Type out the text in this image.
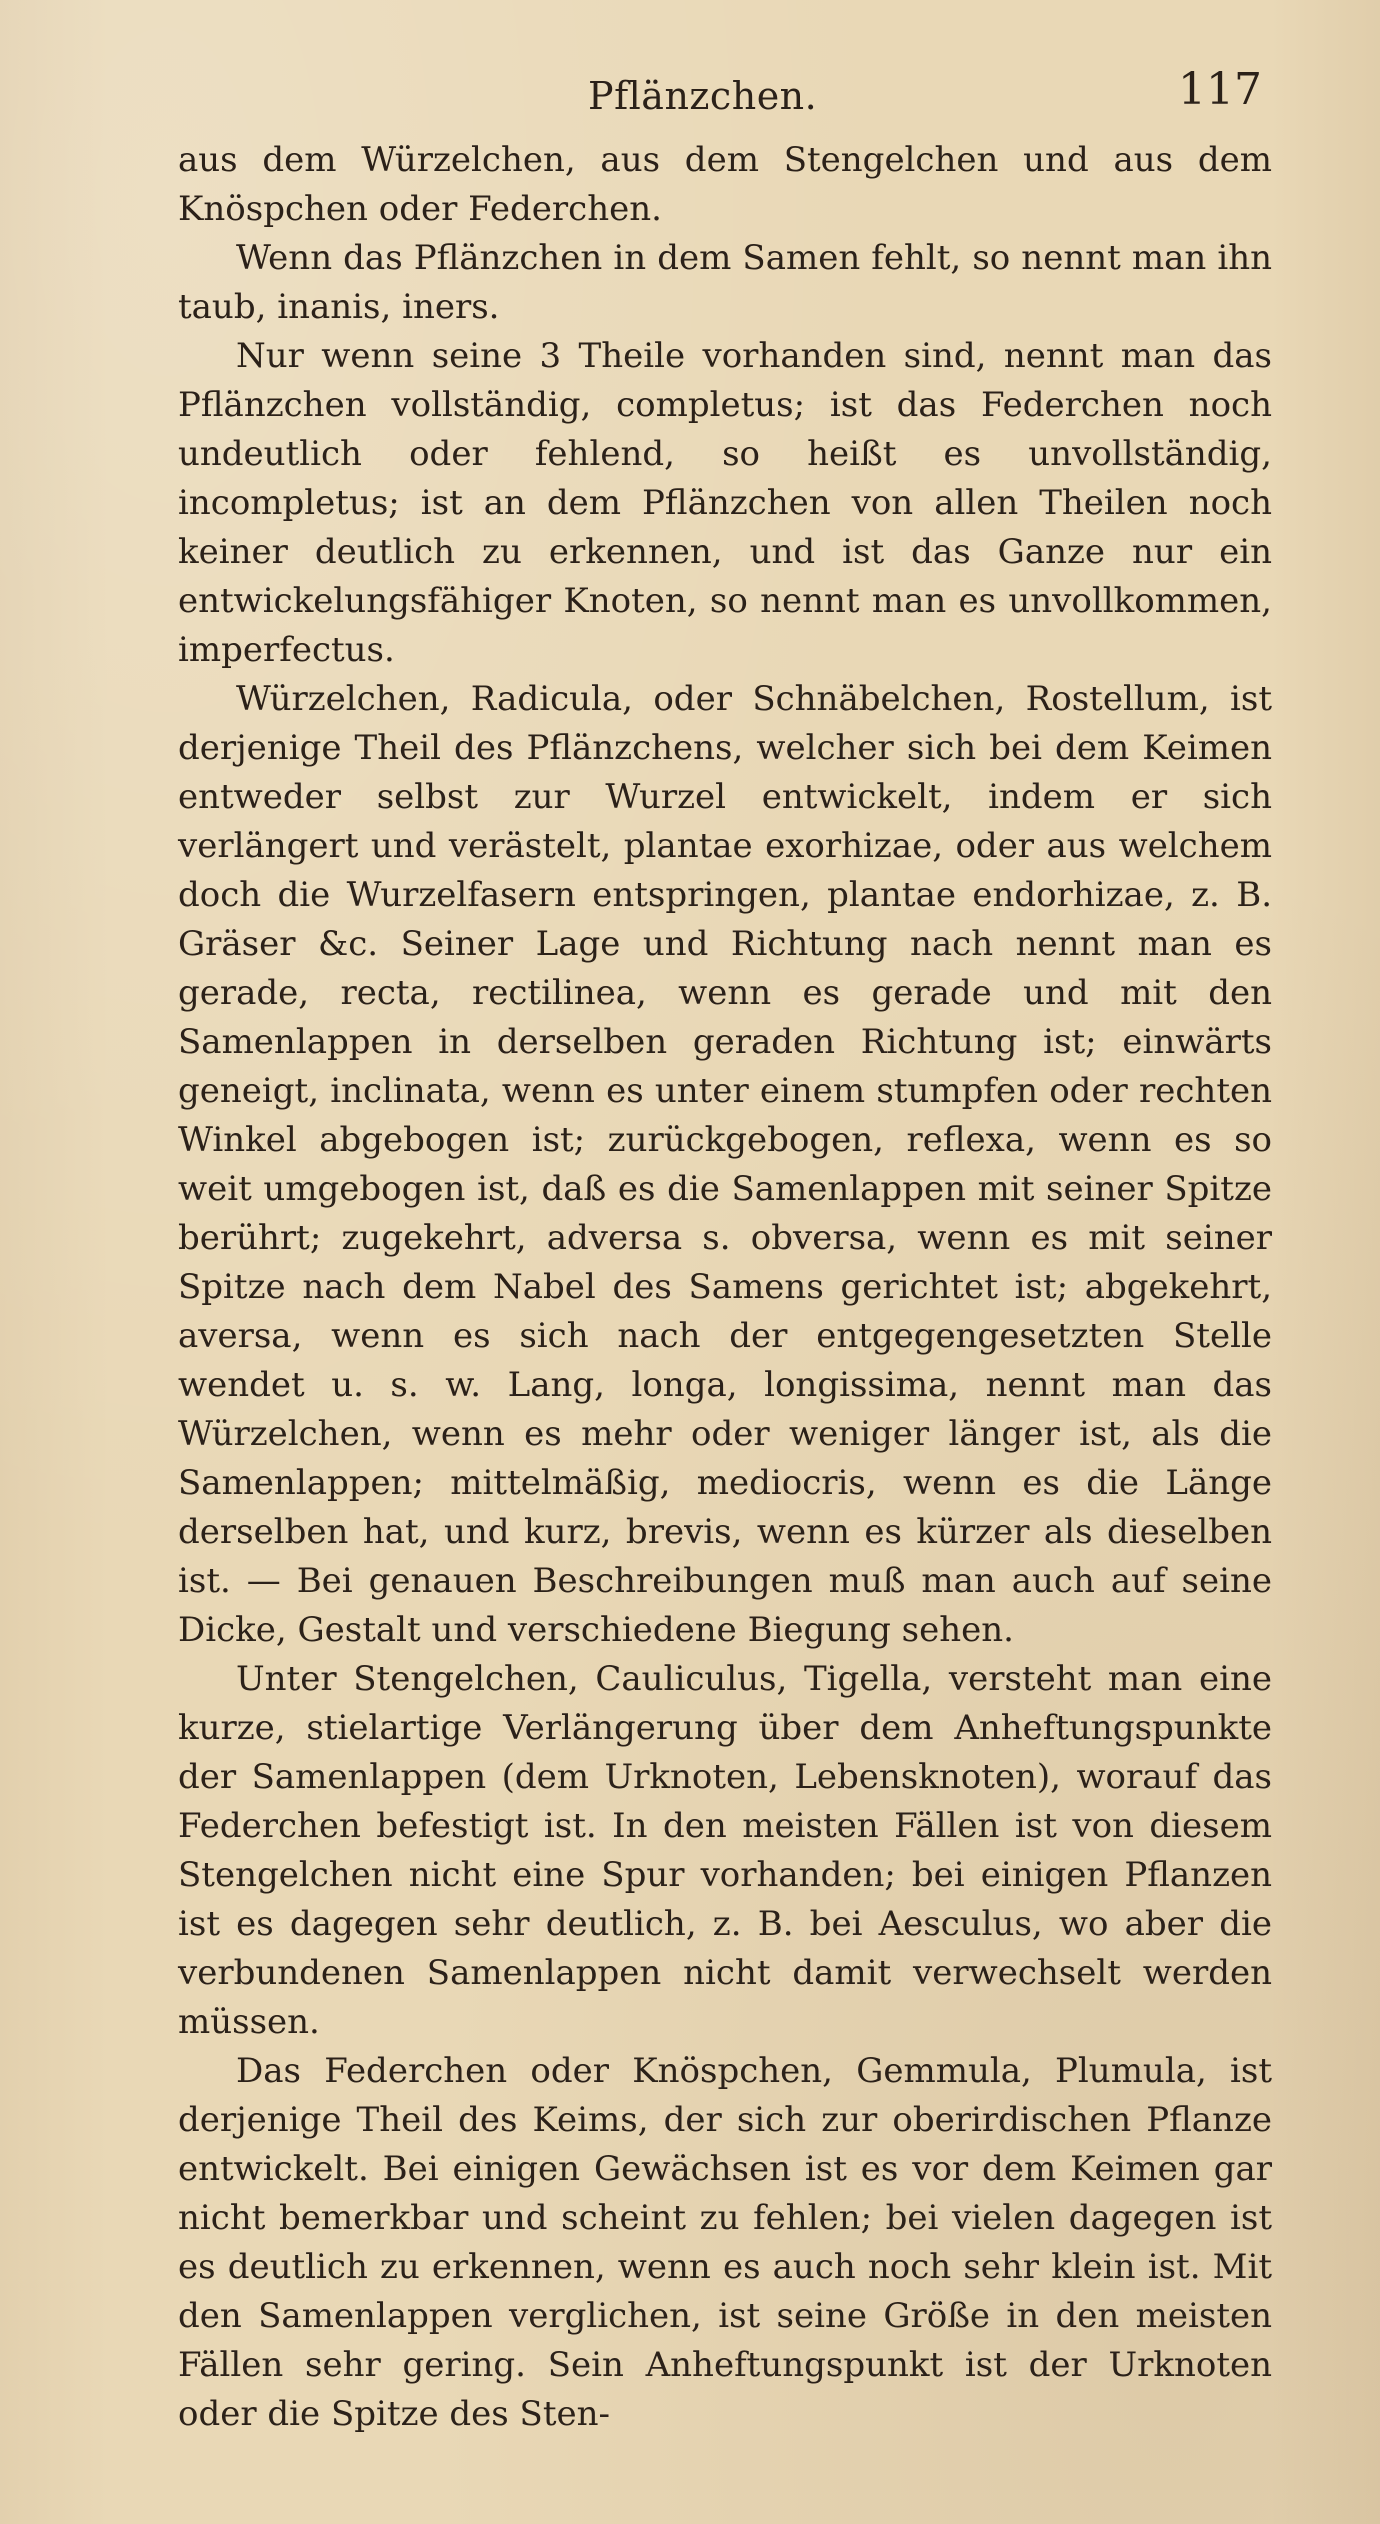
Pflänzchen.	117

aus dem Würzelchen, aus dem Stengelchen und aus dem Knöspchen oder Federchen.

Wenn das Pflänzchen in dem Samen fehlt, so nennt man ihn taub, inanis, iners.

Nur wenn seine 3 Theile vorhanden sind, nennt man das Pflänzchen vollständig, completus; ist das Federchen noch undeutlich oder fehlend, so heißt es unvollständig, incompletus; ist an dem Pflänzchen von allen Theilen noch keiner deutlich zu erkennen, und ist das Ganze nur ein entwickelungsfähiger Knoten, so nennt man es unvollkommen, imperfectus.

Würzelchen, Radicula, oder Schnäbelchen, Rostellum, ist derjenige Theil des Pflänzchens, welcher sich bei dem Keimen entweder selbst zur Wurzel entwickelt, indem er sich verlängert und verästelt, plantae exorhizae, oder aus welchem doch die Wurzelfasern entspringen, plantae endorhizae, z. B. Gräser &c. Seiner Lage und Richtung nach nennt man es gerade, recta, rectilinea, wenn es gerade und mit den Samenlappen in derselben geraden Richtung ist; einwärts geneigt, inclinata, wenn es unter einem stumpfen oder rechten Winkel abgebogen ist; zurückgebogen, reflexa, wenn es so weit umgebogen ist, daß es die Samenlappen mit seiner Spitze berührt; zugekehrt, adversa s. obversa, wenn es mit seiner Spitze nach dem Nabel des Samens gerichtet ist; abgekehrt, aversa, wenn es sich nach der entgegengesetzten Stelle wendet u. s. w. Lang, longa, longissima, nennt man das Würzelchen, wenn es mehr oder weniger länger ist, als die Samenlappen; mittelmäßig, mediocris, wenn es die Länge derselben hat, und kurz, brevis, wenn es kürzer als dieselben ist. — Bei genauen Beschreibungen muß man auch auf seine Dicke, Gestalt und verschiedene Biegung sehen.

Unter Stengelchen, Cauliculus, Tigella, versteht man eine kurze, stielartige Verlängerung über dem Anheftungspunkte der Samenlappen (dem Urknoten, Lebensknoten), worauf das Federchen befestigt ist. In den meisten Fällen ist von diesem Stengelchen nicht eine Spur vorhanden; bei einigen Pflanzen ist es dagegen sehr deutlich, z. B. bei Aesculus, wo aber die verbundenen Samenlappen nicht damit verwechselt werden müssen.

Das Federchen oder Knöspchen, Gemmula, Plumula, ist derjenige Theil des Keims, der sich zur oberirdischen Pflanze entwickelt. Bei einigen Gewächsen ist es vor dem Keimen gar nicht bemerkbar und scheint zu fehlen; bei vielen dagegen ist es deutlich zu erkennen, wenn es auch noch sehr klein ist. Mit den Samenlappen verglichen, ist seine Größe in den meisten Fällen sehr gering. Sein Anheftungspunkt ist der Urknoten oder die Spitze des Sten-
